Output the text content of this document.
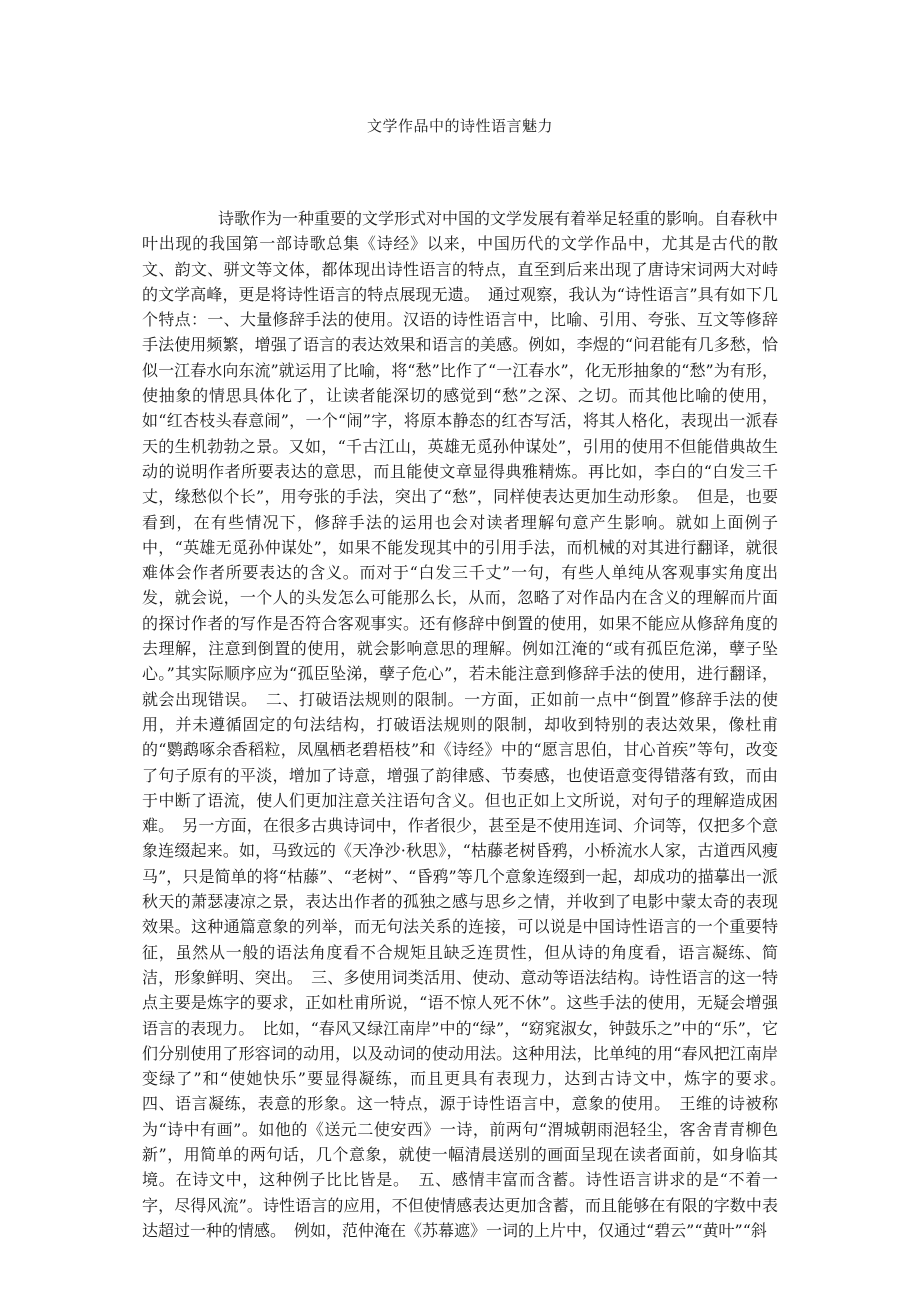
文学作品中的诗性语言魅力

诗歌作为一种重要的文学形式对中国的文学发展有着举足轻重的影响。自春秋中叶出现的我国第一部诗歌总集《诗经》以来，中国历代的文学作品中，尤其是古代的散文、韵文、骈文等文体，都体现出诗性语言的特点，直至到后来出现了唐诗宋词两大对峙的文学高峰，更是将诗性语言的特点展现无遗。　通过观察，我认为“诗性语言”具有如下几个特点：一、大量修辞手法的使用。汉语的诗性语言中，比喻、引用、夸张、互文等修辞手法使用频繁，增强了语言的表达效果和语言的美感。例如，李煜的“问君能有几多愁，恰似一江春水向东流”就运用了比喻，将“愁”比作了“一江春水”，化无形抽象的“愁”为有形，使抽象的情思具体化了，让读者能深切的感觉到“愁”之深、之切。而其他比喻的使用，如“红杏枝头春意闹”，一个“闹”字，将原本静态的红杏写活，将其人格化，表现出一派春天的生机勃勃之景。又如，“千古江山，英雄无觅孙仲谋处”，引用的使用不但能借典故生动的说明作者所要表达的意思，而且能使文章显得典雅精炼。再比如，李白的“白发三千丈，缘愁似个长”，用夸张的手法，突出了“愁”，同样使表达更加生动形象。　但是，也要看到，在有些情况下，修辞手法的运用也会对读者理解句意产生影响。就如上面例子中，“英雄无觅孙仲谋处”，如果不能发现其中的引用手法，而机械的对其进行翻译，就很难体会作者所要表达的含义。而对于“白发三千丈”一句，有些人单纯从客观事实角度出发，就会说，一个人的头发怎么可能那么长，从而，忽略了对作品内在含义的理解而片面的探讨作者的写作是否符合客观事实。还有修辞中倒置的使用，如果不能应从修辞角度的去理解，注意到倒置的使用，就会影响意思的理解。例如江淹的“或有孤臣危涕，孽子坠心。”其实际顺序应为“孤臣坠涕，孽子危心”，若未能注意到修辞手法的使用，进行翻译，就会出现错误。　二、打破语法规则的限制。一方面，正如前一点中“倒置”修辞手法的使用，并未遵循固定的句法结构，打破语法规则的限制，却收到特别的表达效果，像杜甫的“鹦鹉啄余香稻粒，凤凰栖老碧梧枝”和《诗经》中的“愿言思伯，甘心首疾”等句，改变了句子原有的平淡，增加了诗意，增强了韵律感、节奏感，也使语意变得错落有致，而由于中断了语流，使人们更加注意关注语句含义。但也正如上文所说，对句子的理解造成困难。　另一方面，在很多古典诗词中，作者很少，甚至是不使用连词、介词等，仅把多个意象连缀起来。如，马致远的《天净沙·秋思》，“枯藤老树昏鸦，小桥流水人家，古道西风瘦马”，只是简单的将“枯藤”、“老树”、“昏鸦”等几个意象连缀到一起，却成功的描摹出一派秋天的萧瑟凄凉之景，表达出作者的孤独之感与思乡之情，并收到了电影中蒙太奇的表现效果。这种通篇意象的列举，而无句法关系的连接，可以说是中国诗性语言的一个重要特征，虽然从一般的语法角度看不合规矩且缺乏连贯性，但从诗的角度看，语言凝练、简洁，形象鲜明、突出。　三、多使用词类活用、使动、意动等语法结构。诗性语言的这一特点主要是炼字的要求，正如杜甫所说，“语不惊人死不休”。这些手法的使用，无疑会增强语言的表现力。　比如，“春风又绿江南岸”中的“绿”，“窈窕淑女，钟鼓乐之”中的“乐”，它们分别使用了形容词的动用，以及动词的使动用法。这种用法，比单纯的用“春风把江南岸变绿了”和“使她快乐”要显得凝练，而且更具有表现力，达到古诗文中，炼字的要求。　四、语言凝练，表意的形象。这一特点，源于诗性语言中，意象的使用。　王维的诗被称为“诗中有画”。如他的《送元二使安西》一诗，前两句“渭城朝雨浥轻尘，客舍青青柳色新”，用简单的两句话，几个意象，就使一幅清晨送别的画面呈现在读者面前，如身临其境。在诗文中，这种例子比比皆是。　五、感情丰富而含蓄。诗性语言讲求的是“不着一字，尽得风流”。诗性语言的应用，不但使情感表达更加含蓄，而且能够在有限的字数中表达超过一种的情感。　例如，范仲淹在《苏幕遮》一词的上片中，仅通过“碧云”“黄叶”“斜
